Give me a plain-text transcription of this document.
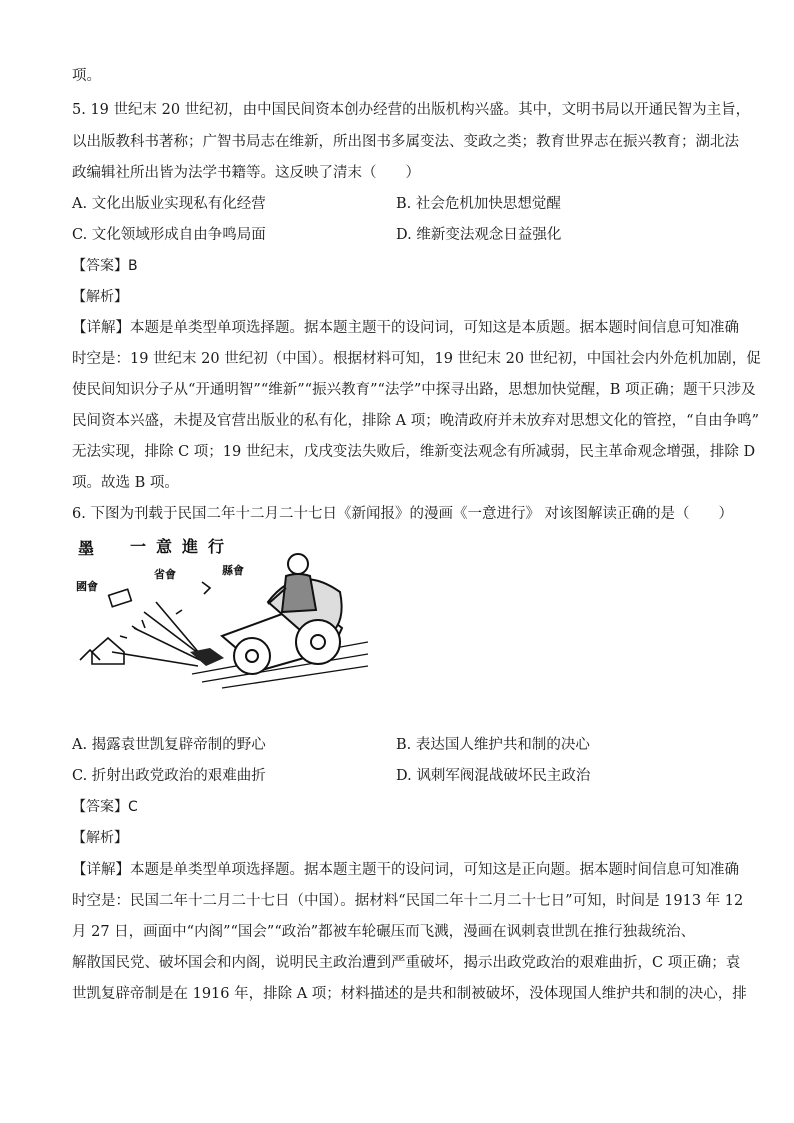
项。
5. 19 世纪末 20 世纪初，由中国民间资本创办经营的出版机构兴盛。其中，文明书局以开通民智为主旨，
以出版教科书著称；广智书局志在维新，所出图书多属变法、变政之类；教育世界志在振兴教育；湖北法
政编辑社所出皆为法学书籍等。这反映了清末（　　）
A. 文化出版业实现私有化经营	B. 社会危机加快思想觉醒
C. 文化领域形成自由争鸣局面	D. 维新变法观念日益强化
【答案】B
【解析】
【详解】本题是单类型单项选择题。据本题主题干的设问词，可知这是本质题。据本题时间信息可知准确
时空是：19 世纪末 20 世纪初（中国）。根据材料可知，19 世纪末 20 世纪初，中国社会内外危机加剧，促
使民间知识分子从“开通明智”“维新”“振兴教育”“法学”中探寻出路，思想加快觉醒，B 项正确；题干只涉及
民间资本兴盛，未提及官营出版业的私有化，排除 A 项；晚清政府并未放弃对思想文化的管控，“自由争鸣”
无法实现，排除 C 项；19 世纪末，戊戌变法失败后，维新变法观念有所减弱，民主革命观念增强，排除 D
项。故选 B 项。
6. 下图为刊载于民国二年十二月二十七日《新闻报》的漫画《一意进行》 对该图解读正确的是（　　）
墨 一意進行
省會
國會
縣會
A. 揭露袁世凯复辟帝制的野心	B. 表达国人维护共和制的决心
C. 折射出政党政治的艰难曲折	D. 讽刺军阀混战破坏民主政治
【答案】C
【解析】
【详解】本题是单类型单项选择题。据本题主题干的设问词，可知这是正向题。据本题时间信息可知准确
时空是：民国二年十二月二十七日（中国）。据材料“民国二年十二月二十七日”可知，时间是 1913 年 12
月 27 日，画面中“内阁”“国会”“政治”都被车轮碾压而飞溅，漫画在讽刺袁世凯在推行独裁统治、
解散国民党、破坏国会和内阁，说明民主政治遭到严重破坏，揭示出政党政治的艰难曲折，C 项正确；袁
世凯复辟帝制是在 1916 年，排除 A 项；材料描述的是共和制被破坏，没体现国人维护共和制的决心，排
